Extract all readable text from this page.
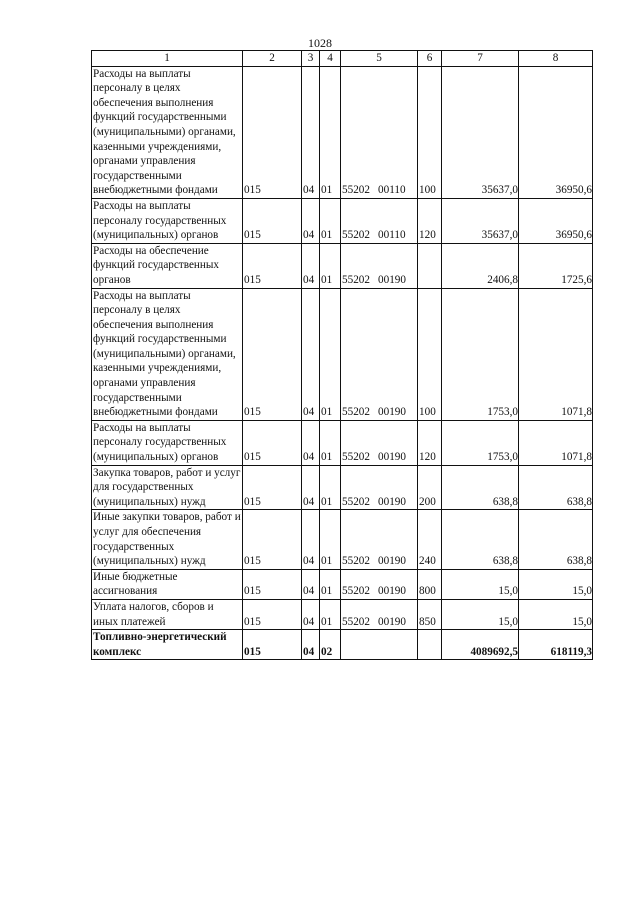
1028
1	2	3	4	5	6	7	8
Расходы на выплаты персоналу в целях обеспечения выполнения функций государственными (муниципальными) органами, казенными учреждениями, органами управления государственными внебюджетными фондами	015	04	01	55202 00110	100	35637,0	36950,6
Расходы на выплаты персоналу государственных (муниципальных) органов	015	04	01	55202 00110	120	35637,0	36950,6
Расходы на обеспечение функций государственных органов	015	04	01	55202 00190		2406,8	1725,6
Расходы на выплаты персоналу в целях обеспечения выполнения функций государственными (муниципальными) органами, казенными учреждениями, органами управления государственными внебюджетными фондами	015	04	01	55202 00190	100	1753,0	1071,8
Расходы на выплаты персоналу государственных (муниципальных) органов	015	04	01	55202 00190	120	1753,0	1071,8
Закупка товаров, работ и услуг для государственных (муниципальных) нужд	015	04	01	55202 00190	200	638,8	638,8
Иные закупки товаров, работ и услуг для обеспечения государственных (муниципальных) нужд	015	04	01	55202 00190	240	638,8	638,8
Иные бюджетные ассигнования	015	04	01	55202 00190	800	15,0	15,0
Уплата налогов, сборов и иных платежей	015	04	01	55202 00190	850	15,0	15,0
Топливно-энергетический комплекс	015	04	02			4089692,5	618119,3
